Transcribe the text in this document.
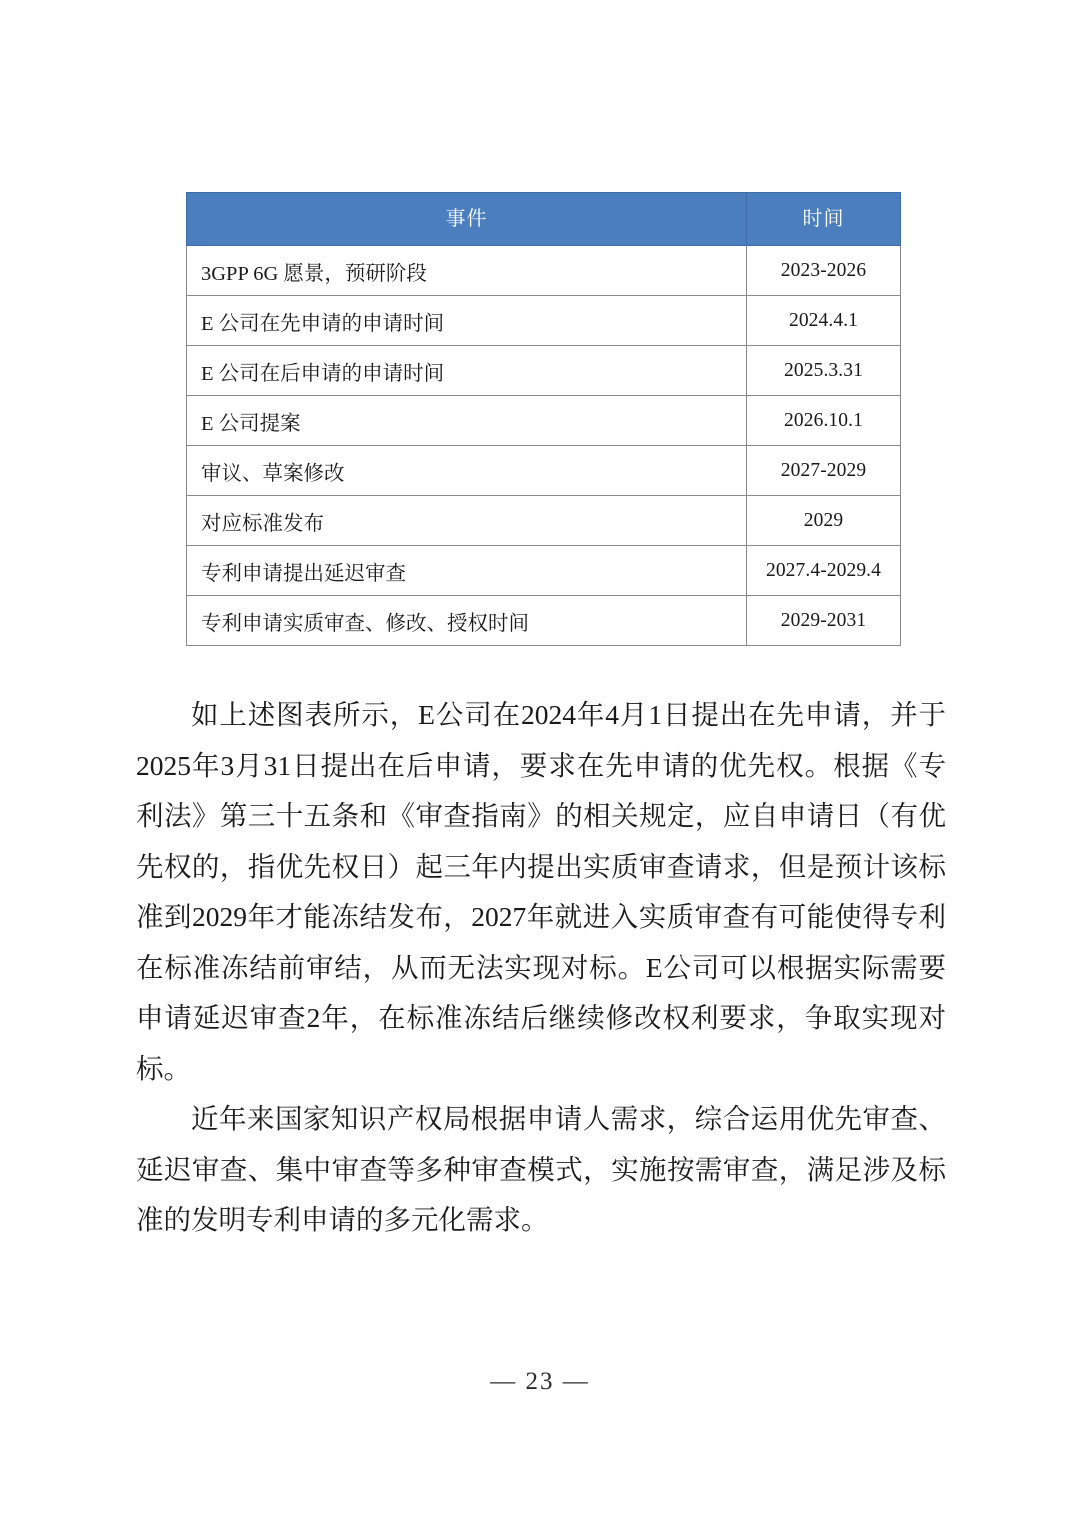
事件	时间
3GPP 6G 愿景，预研阶段	2023-2026
E 公司在先申请的申请时间	2024.4.1
E 公司在后申请的申请时间	2025.3.31
E 公司提案	2026.10.1
审议、草案修改	2027-2029
对应标准发布	2029
专利申请提出延迟审查	2027.4-2029.4
专利申请实质审查、修改、授权时间	2029-2031

如上述图表所示，E公司在2024年4月1日提出在先申请，并于2025年3月31日提出在后申请，要求在先申请的优先权。根据《专利法》第三十五条和《审查指南》的相关规定，应自申请日（有优先权的，指优先权日）起三年内提出实质审查请求，但是预计该标准到2029年才能冻结发布，2027年就进入实质审查有可能使得专利在标准冻结前审结，从而无法实现对标。E公司可以根据实际需要申请延迟审查2年，在标准冻结后继续修改权利要求，争取实现对标。

近年来国家知识产权局根据申请人需求，综合运用优先审查、延迟审查、集中审查等多种审查模式，实施按需审查，满足涉及标准的发明专利申请的多元化需求。

— 23 —
